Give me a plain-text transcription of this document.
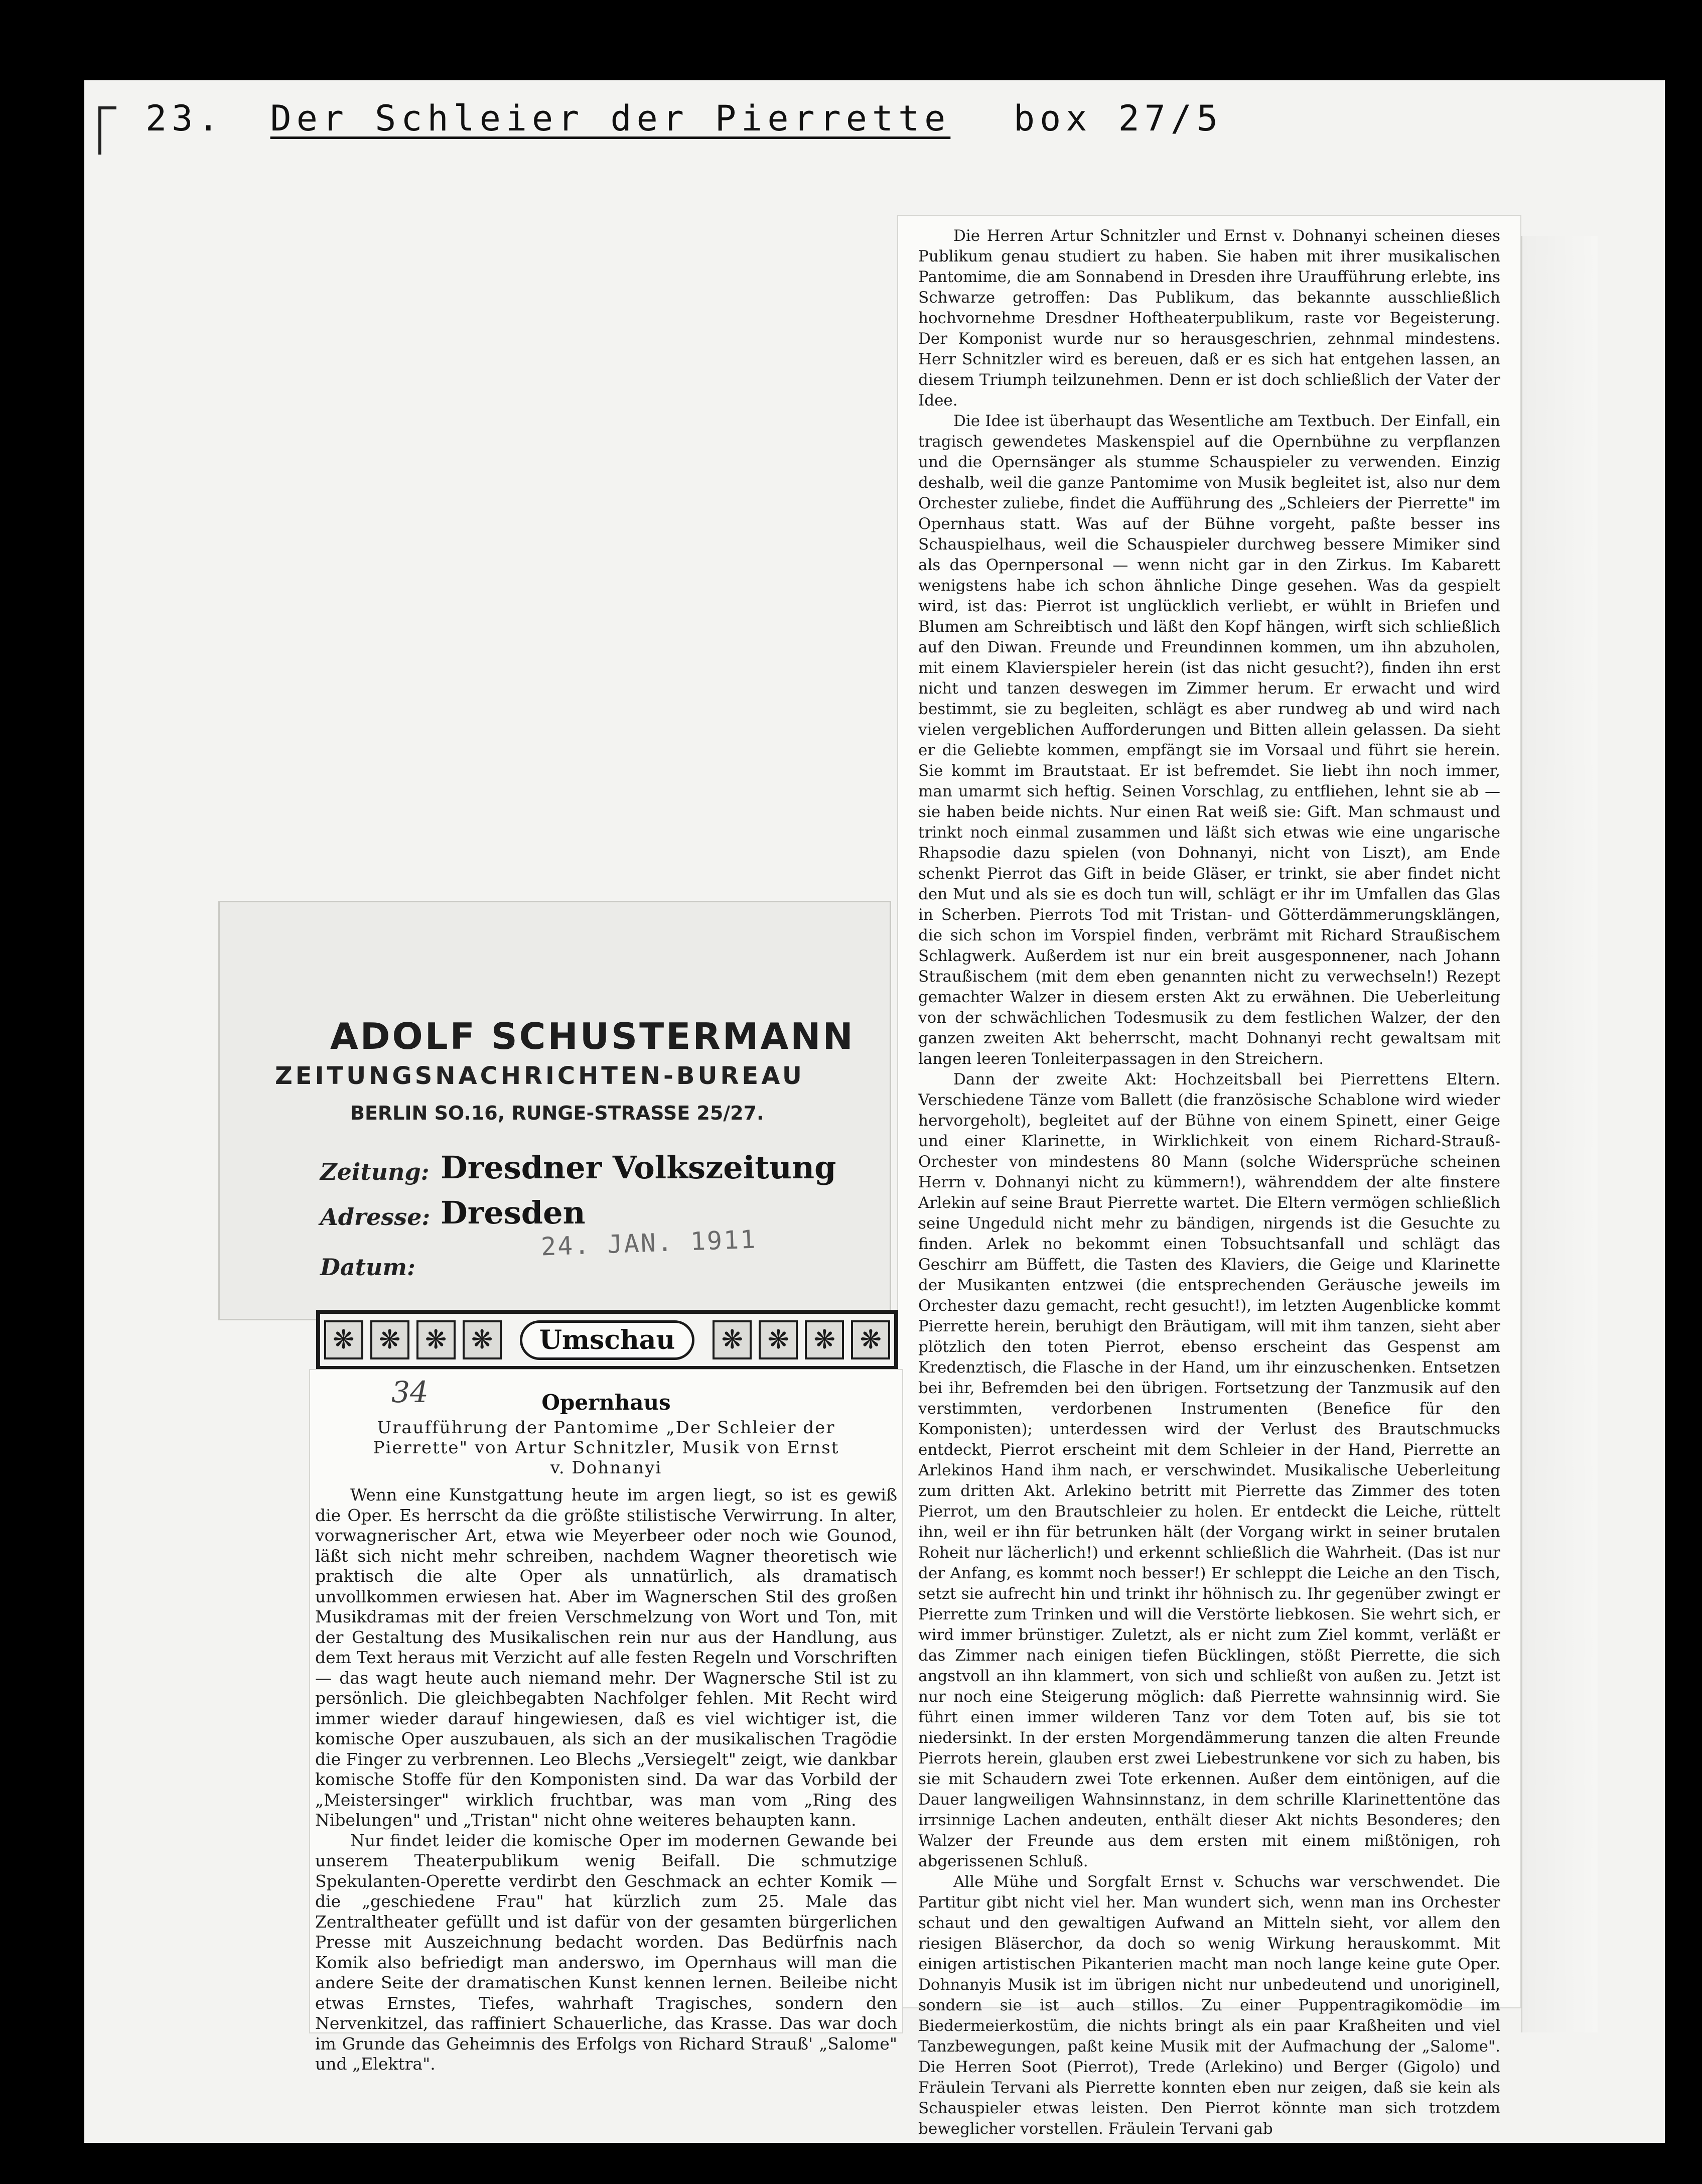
23. Der Schleier der Pierrette box 27/5

Die Herren Artur Schnitzler und Ernst v. Dohnanyi scheinen dieses Publikum genau studiert zu haben. Sie haben mit ihrer musikalischen Pantomime, die am Sonnabend in Dresden ihre Uraufführung erlebte, ins Schwarze getroffen: Das Publikum, das bekannte ausschließlich hochvornehme Dresdner Hoftheaterpublikum, raste vor Begeisterung. Der Komponist wurde nur so herausgeschrien, zehnmal mindestens. Herr Schnitzler wird es bereuen, daß er es sich hat entgehen lassen, an diesem Triumph teilzunehmen. Denn er ist doch schließlich der Vater der Idee.

Die Idee ist überhaupt das Wesentliche am Textbuch. Der Einfall, ein tragisch gewendetes Maskenspiel auf die Opernbühne zu verpflanzen und die Opernsänger als stumme Schauspieler zu verwenden. Einzig deshalb, weil die ganze Pantomime von Musik begleitet ist, also nur dem Orchester zuliebe, findet die Aufführung des „Schleiers der Pierrette" im Opernhaus statt. Was auf der Bühne vorgeht, paßte besser ins Schauspielhaus, weil die Schauspieler durchweg bessere Mimiker sind als das Opernpersonal — wenn nicht gar in den Zirkus. Im Kabarett wenigstens habe ich schon ähnliche Dinge gesehen. Was da gespielt wird, ist das: Pierrot ist unglücklich verliebt, er wühlt in Briefen und Blumen am Schreibtisch und läßt den Kopf hängen, wirft sich schließlich auf den Diwan. Freunde und Freundinnen kommen, um ihn abzuholen, mit einem Klavierspieler herein (ist das nicht gesucht?), finden ihn erst nicht und tanzen deswegen im Zimmer herum. Er erwacht und wird bestimmt, sie zu begleiten, schlägt es aber rundweg ab und wird nach vielen vergeblichen Aufforderungen und Bitten allein gelassen. Da sieht er die Geliebte kommen, empfängt sie im Vorsaal und führt sie herein. Sie kommt im Brautstaat. Er ist befremdet. Sie liebt ihn noch immer, man umarmt sich heftig. Seinen Vorschlag, zu entfliehen, lehnt sie ab — sie haben beide nichts. Nur einen Rat weiß sie: Gift. Man schmaust und trinkt noch einmal zusammen und läßt sich etwas wie eine ungarische Rhapsodie dazu spielen (von Dohnanyi, nicht von Liszt), am Ende schenkt Pierrot das Gift in beide Gläser, er trinkt, sie aber findet nicht den Mut und als sie es doch tun will, schlägt er ihr im Umfallen das Glas in Scherben. Pierrots Tod mit Tristan- und Götterdämmerungsklängen, die sich schon im Vorspiel finden, verbrämt mit Richard Straußischem Schlagwerk. Außerdem ist nur ein breit ausgesponnener, nach Johann Straußischem (mit dem eben genannten nicht zu verwechseln!) Rezept gemachter Walzer in diesem ersten Akt zu erwähnen. Die Ueberleitung von der schwächlichen Todesmusik zu dem festlichen Walzer, der den ganzen zweiten Akt beherrscht, macht Dohnanyi recht gewaltsam mit langen leeren Tonleiterpassagen in den Streichern.

Dann der zweite Akt: Hochzeitsball bei Pierrettens Eltern. Verschiedene Tänze vom Ballett (die französische Schablone wird wieder hervorgeholt), begleitet auf der Bühne von einem Spinett, einer Geige und einer Klarinette, in Wirklichkeit von einem Richard-Strauß-Orchester von mindestens 80 Mann (solche Widersprüche scheinen Herrn v. Dohnanyi nicht zu kümmern!), währenddem der alte finstere Arlekin auf seine Braut Pierrette wartet. Die Eltern vermögen schließlich seine Ungeduld nicht mehr zu bändigen, nirgends ist die Gesuchte zu finden. Arlek no bekommt einen Tobsuchtsanfall und schlägt das Geschirr am Büffett, die Tasten des Klaviers, die Geige und Klarinette der Musikanten entzwei (die entsprechenden Geräusche jeweils im Orchester dazu gemacht, recht gesucht!), im letzten Augenblicke kommt Pierrette herein, beruhigt den Bräutigam, will mit ihm tanzen, sieht aber plötzlich den toten Pierrot, ebenso erscheint das Gespenst am Kredenztisch, die Flasche in der Hand, um ihr einzuschenken. Entsetzen bei ihr, Befremden bei den übrigen. Fortsetzung der Tanzmusik auf den verstimmten, verdorbenen Instrumenten (Benefice für den Komponisten); unterdessen wird der Verlust des Brautschmucks entdeckt, Pierrot erscheint mit dem Schleier in der Hand, Pierrette an Arlekinos Hand ihm nach, er verschwindet. Musikalische Ueberleitung zum dritten Akt. Arlekino betritt mit Pierrette das Zimmer des toten Pierrot, um den Brautschleier zu holen. Er entdeckt die Leiche, rüttelt ihn, weil er ihn für betrunken hält (der Vorgang wirkt in seiner brutalen Roheit nur lächerlich!) und erkennt schließlich die Wahrheit. (Das ist nur der Anfang, es kommt noch besser!) Er schleppt die Leiche an den Tisch, setzt sie aufrecht hin und trinkt ihr höhnisch zu. Ihr gegenüber zwingt er Pierrette zum Trinken und will die Verstörte liebkosen. Sie wehrt sich, er wird immer brünstiger. Zuletzt, als er nicht zum Ziel kommt, verläßt er das Zimmer nach einigen tiefen Bücklingen, stößt Pierrette, die sich angstvoll an ihn klammert, von sich und schließt von außen zu. Jetzt ist nur noch eine Steigerung möglich: daß Pierrette wahnsinnig wird. Sie führt einen immer wilderen Tanz vor dem Toten auf, bis sie tot niedersinkt. In der ersten Morgendämmerung tanzen die alten Freunde Pierrots herein, glauben erst zwei Liebestrunkene vor sich zu haben, bis sie mit Schaudern zwei Tote erkennen. Außer dem eintönigen, auf die Dauer langweiligen Wahnsinnstanz, in dem schrille Klarinettentöne das irrsinnige Lachen andeuten, enthält dieser Akt nichts Besonderes; den Walzer der Freunde aus dem ersten mit einem mißtönigen, roh abgerissenen Schluß.

Alle Mühe und Sorgfalt Ernst v. Schuchs war verschwendet. Die Partitur gibt nicht viel her. Man wundert sich, wenn man ins Orchester schaut und den gewaltigen Aufwand an Mitteln sieht, vor allem den riesigen Bläserchor, da doch so wenig Wirkung herauskommt. Mit einigen artistischen Pikanterien macht man noch lange keine gute Oper. Dohnanyis Musik ist im übrigen nicht nur unbedeutend und unoriginell, sondern sie ist auch stillos. Zu einer Puppentragikomödie im Biedermeierkostüm, die nichts bringt als ein paar Kraßheiten und viel Tanzbewegungen, paßt keine Musik mit der Aufmachung der „Salome". Die Herren Soot (Pierrot), Trede (Arlekino) und Berger (Gigolo) und Fräulein Tervani als Pierrette konnten eben nur zeigen, daß sie kein als Schauspieler etwas leisten. Den Pierrot könnte man sich trotzdem beweglicher vorstellen. Fräulein Tervani gab

ADOLF SCHUSTERMANN
ZEITUNGSNACHRICHTEN-BUREAU
BERLIN SO.16, RUNGE-STRASSE 25/27.
Zeitung: Dresdner Volkszeitung
Adresse: Dresden
Datum:
24. JAN. 1911
❋ ❋ ❋ ❋	Umschau	❋ ❋ ❋ ❋
Opernhaus
Uraufführung der Pantomime „Der Schleier der
Pierrette" von Artur Schnitzler, Musik von Ernst
v. Dohnanyi

Wenn eine Kunstgattung heute im argen liegt, so ist es gewiß die Oper. Es herrscht da die größte stilistische Verwirrung. In alter, vorwagnerischer Art, etwa wie Meyerbeer oder noch wie Gounod, läßt sich nicht mehr schreiben, nachdem Wagner theoretisch wie praktisch die alte Oper als unnatürlich, als dramatisch unvollkommen erwiesen hat. Aber im Wagnerschen Stil des großen Musikdramas mit der freien Verschmelzung von Wort und Ton, mit der Gestaltung des Musikalischen rein nur aus der Handlung, aus dem Text heraus mit Verzicht auf alle festen Regeln und Vorschriften — das wagt heute auch niemand mehr. Der Wagnersche Stil ist zu persönlich. Die gleichbegabten Nachfolger fehlen. Mit Recht wird immer wieder darauf hingewiesen, daß es viel wichtiger ist, die komische Oper auszubauen, als sich an der musikalischen Tragödie die Finger zu verbrennen. Leo Blechs „Versiegelt" zeigt, wie dankbar komische Stoffe für den Komponisten sind. Da war das Vorbild der „Meistersinger" wirklich fruchtbar, was man vom „Ring des Nibelungen" und „Tristan" nicht ohne weiteres behaupten kann.

Nur findet leider die komische Oper im modernen Gewande bei unserem Theaterpublikum wenig Beifall. Die schmutzige Spekulanten-Operette verdirbt den Geschmack an echter Komik — die „geschiedene Frau" hat kürzlich zum 25. Male das Zentraltheater gefüllt und ist dafür von der gesamten bürgerlichen Presse mit Auszeichnung bedacht worden. Das Bedürfnis nach Komik also befriedigt man anderswo, im Opernhaus will man die andere Seite der dramatischen Kunst kennen lernen. Beileibe nicht etwas Ernstes, Tiefes, wahrhaft Tragisches, sondern den Nervenkitzel, das raffiniert Schauerliche, das Krasse. Das war doch im Grunde das Geheimnis des Erfolgs von Richard Strauß' „Salome" und „Elektra".

34
